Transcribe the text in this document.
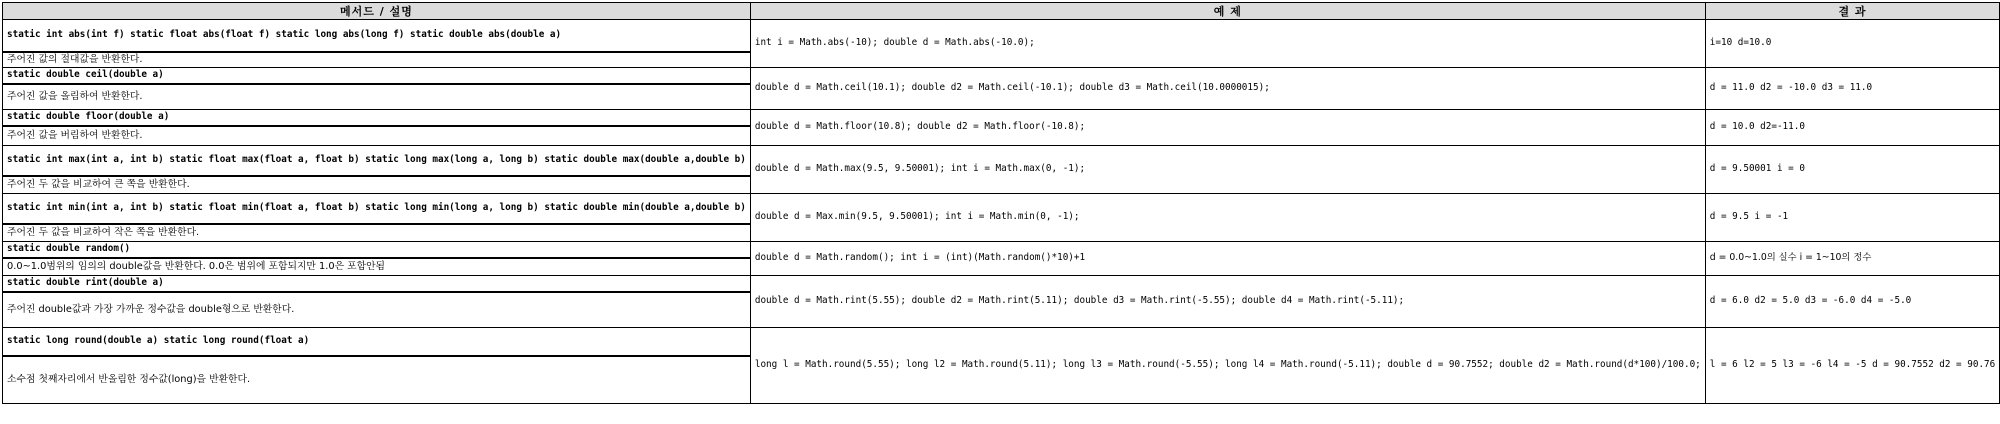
메서드 / 설명	예 제	결 과
static int abs(int f) static float abs(float f) static long abs(long f) static double abs(double a)	int i = Math.abs(-10); double d = Math.abs(-10.0);	i=10 d=10.0
주어진 값의 절대값을 반환한다.		
static double ceil(double a)	double d = Math.ceil(10.1); double d2 = Math.ceil(-10.1); double d3 = Math.ceil(10.0000015);	d = 11.0 d2 = -10.0 d3 = 11.0
주어진 값을 올림하여 반환한다.		
static double floor(double a)	double d = Math.floor(10.8); double d2 = Math.floor(-10.8);	d = 10.0 d2=-11.0
주어진 값을 버림하여 반환한다.		
static int max(int a, int b) static float max(float a, float b) static long max(long a, long b) static double max(double a,double b)	double d = Math.max(9.5, 9.50001); int i = Math.max(0, -1);	d = 9.50001 i = 0
주어진 두 값을 비교하여 큰 쪽을 반환한다.		
static int min(int a, int b) static float min(float a, float b) static long min(long a, long b) static double min(double a,double b)	double d = Max.min(9.5, 9.50001); int i = Math.min(0, -1);	d = 9.5 i = -1
주어진 두 값을 비교하여 작은 쪽을 반환한다.		
static double random()	double d = Math.random(); int i = (int)(Math.random()*10)+1	d = 0.0~1.0의 실수 i = 1~10의 정수
0.0~1.0범위의 임의의 double값을 반환한다. 0.0은 범위에 포함되지만 1.0은 포함안됨		
static double rint(double a)	double d = Math.rint(5.55); double d2 = Math.rint(5.11); double d3 = Math.rint(-5.55); double d4 = Math.rint(-5.11);	d = 6.0 d2 = 5.0 d3 = -6.0 d4 = -5.0
주어진 double값과 가장 가까운 정수값을 double형으로 반환한다.		
static long round(double a) static long round(float a)	long l = Math.round(5.55); long l2 = Math.round(5.11); long l3 = Math.round(-5.55); long l4 = Math.round(-5.11); double d = 90.7552; double d2 = Math.round(d*100)/100.0;	l = 6 l2 = 5 l3 = -6 l4 = -5 d = 90.7552 d2 = 90.76
소수점 첫째자리에서 반올림한 정수값(long)을 반환한다.		
